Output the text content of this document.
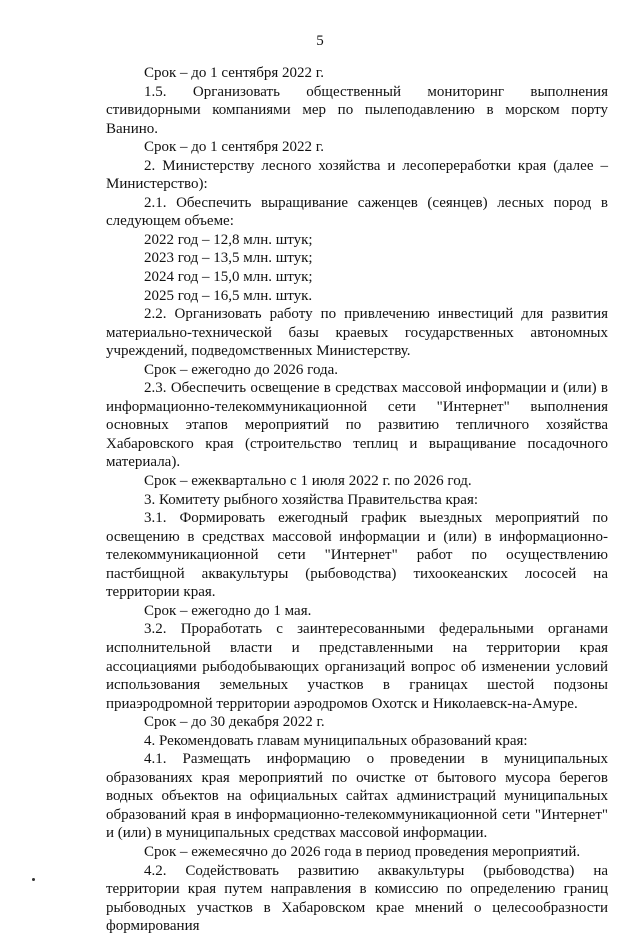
5

Срок – до 1 сентября 2022 г.

1.5. Организовать общественный мониторинг выполнения стивидорными компаниями мер по пылеподавлению в морском порту Ванино.

Срок – до 1 сентября 2022 г.

2. Министерству лесного хозяйства и лесопереработки края (далее – Министерство):

2.1. Обеспечить выращивание саженцев (сеянцев) лесных пород в следующем объеме:

2022 год – 12,8 млн. штук;

2023 год – 13,5 млн. штук;

2024 год – 15,0 млн. штук;

2025 год – 16,5 млн. штук.

2.2. Организовать работу по привлечению инвестиций для развития материально-технической базы краевых государственных автономных учреждений, подведомственных Министерству.

Срок – ежегодно до 2026 года.

2.3. Обеспечить освещение в средствах массовой информации и (или) в информационно-телекоммуникационной сети "Интернет" выполнения основных этапов мероприятий по развитию тепличного хозяйства Хабаровского края (строительство теплиц и выращивание посадочного материала).

Срок – ежеквартально с 1 июля 2022 г. по 2026 год.

3. Комитету рыбного хозяйства Правительства края:

3.1. Формировать ежегодный график выездных мероприятий по освещению в средствах массовой информации и (или) в информационно-телекоммуникационной сети "Интернет" работ по осуществлению пастбищной аквакультуры (рыбоводства) тихоокеанских лососей на территории края.

Срок – ежегодно до 1 мая.

3.2. Проработать с заинтересованными федеральными органами исполнительной власти и представленными на территории края ассоциациями рыбодобывающих организаций вопрос об изменении условий использования земельных участков в границах шестой подзоны приаэродромной территории аэродромов Охотск и Николаевск-на-Амуре.

Срок – до 30 декабря 2022 г.

4. Рекомендовать главам муниципальных образований края:

4.1. Размещать информацию о проведении в муниципальных образованиях края мероприятий по очистке от бытового мусора берегов водных объектов на официальных сайтах администраций муниципальных образований края в информационно-телекоммуникационной сети "Интернет" и (или) в муниципальных средствах массовой информации.

Срок – ежемесячно до 2026 года в период проведения мероприятий.

4.2. Содействовать развитию аквакультуры (рыбоводства) на территории края путем направления в комиссию по определению границ рыбоводных участков в Хабаровском крае мнений о целесообразности формирования
